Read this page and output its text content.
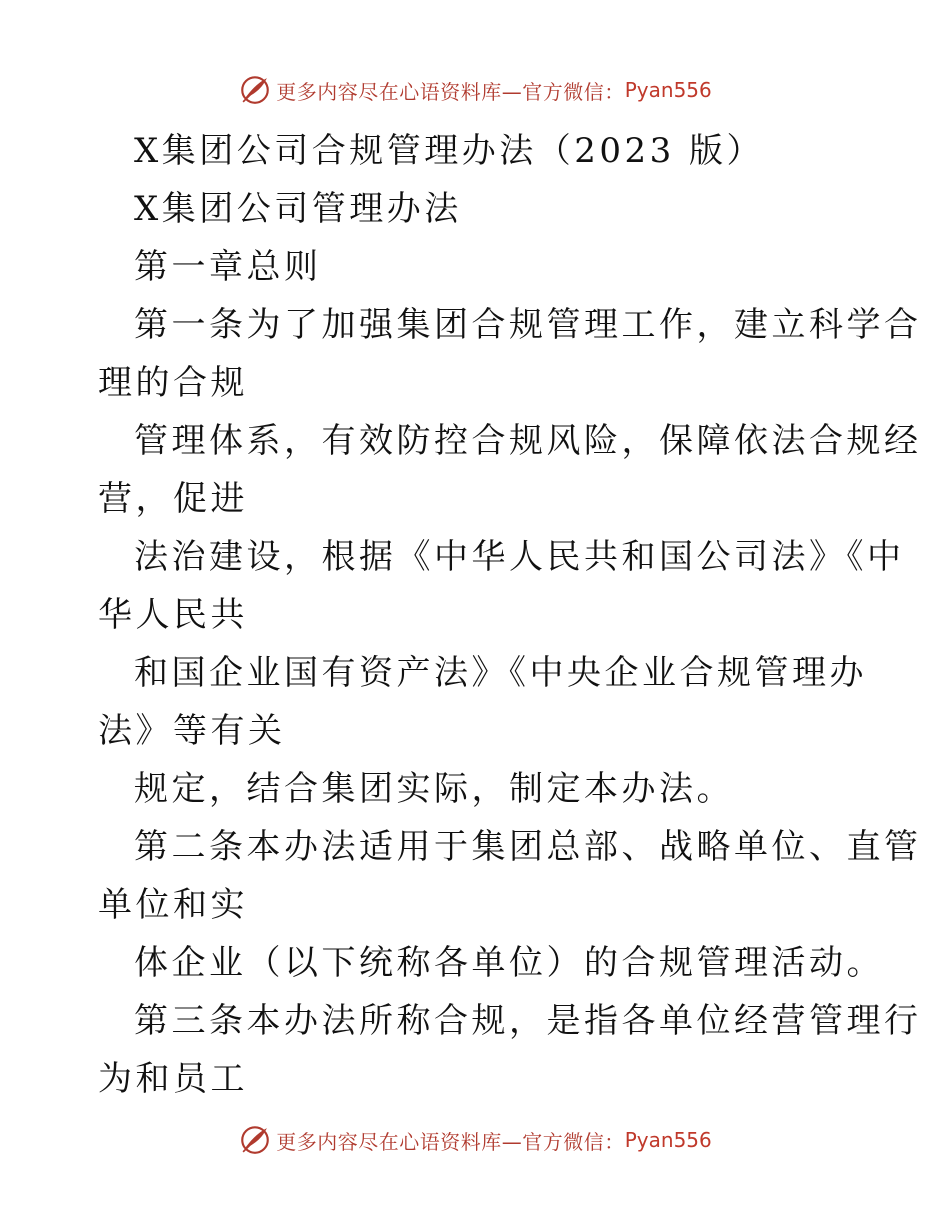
更多内容尽在心语资料库—官方微信： Pyan556
X集团公司合规管理办法（2023 版）
X集团公司管理办法
第一章总则
第一条为了加强集团合规管理工作，建立科学合
理的合规
管理体系，有效防控合规风险，保障依法合规经
营，促进
法治建设，根据《中华人民共和国公司法》《中
华人民共
和国企业国有资产法》《中央企业合规管理办
法》等有关
规定，结合集团实际，制定本办法。
第二条本办法适用于集团总部、战略单位、直管
单位和实
体企业（以下统称各单位）的合规管理活动。
第三条本办法所称合规，是指各单位经营管理行
为和员工
更多内容尽在心语资料库—官方微信： Pyan556
